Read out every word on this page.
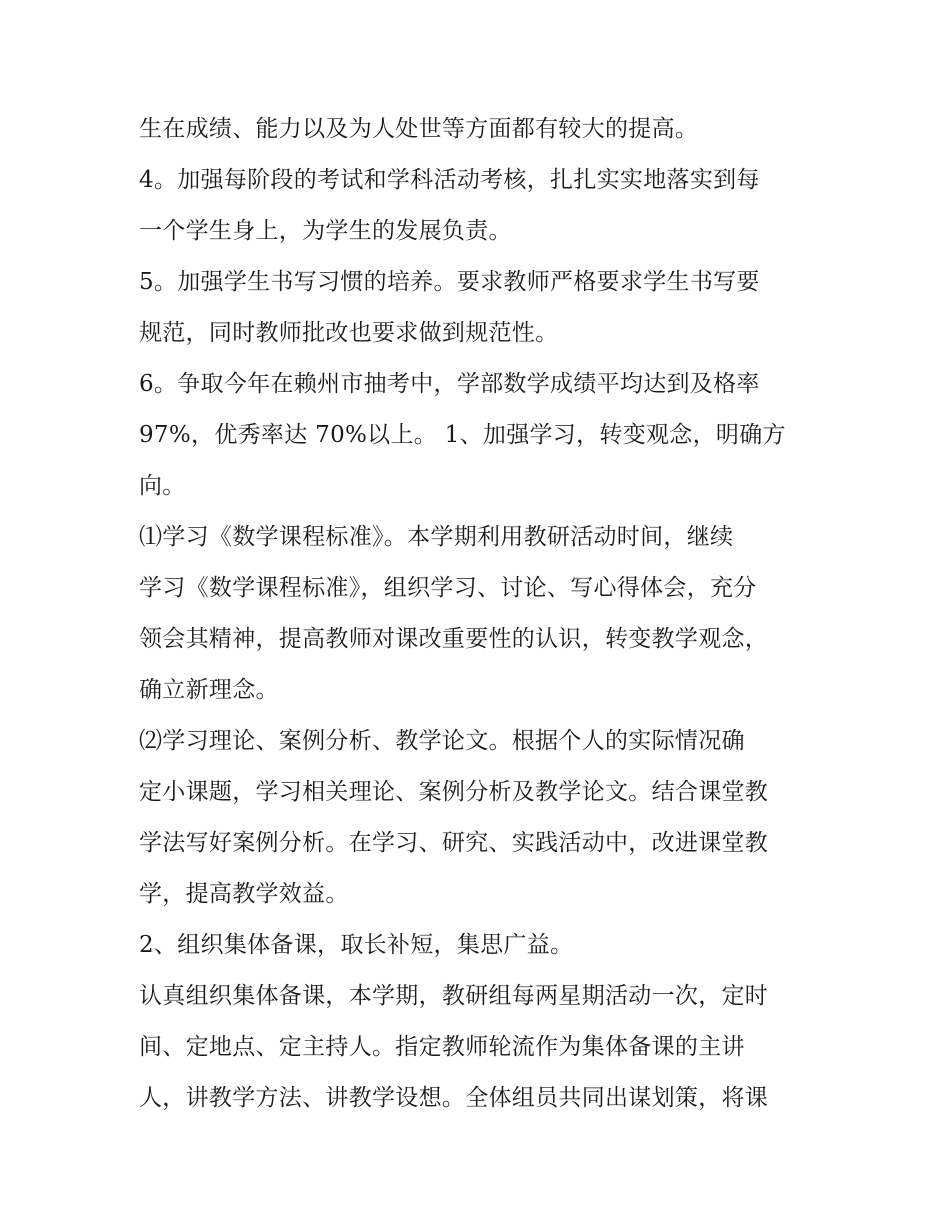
生在成绩、能力以及为人处世等方面都有较大的提高。
4。加强每阶段的考试和学科活动考核，扎扎实实地落实到每
一个学生身上，为学生的发展负责。
5。加强学生书写习惯的培养。要求教师严格要求学生书写要
规范，同时教师批改也要求做到规范性。
6。争取今年在赖州市抽考中，学部数学成绩平均达到及格率
97%，优秀率达 70%以上。 1、加强学习，转变观念，明确方
向。
⑴学习《数学课程标准》。本学期利用教研活动时间，继续
学习《数学课程标准》，组织学习、讨论、写心得体会，充分
领会其精神，提高教师对课改重要性的认识，转变教学观念，
确立新理念。
⑵学习理论、案例分析、教学论文。根据个人的实际情况确
定小课题，学习相关理论、案例分析及教学论文。结合课堂教
学法写好案例分析。在学习、研究、实践活动中，改进课堂教
学，提高教学效益。
2、组织集体备课，取长补短，集思广益。
认真组织集体备课，本学期，教研组每两星期活动一次，定时
间、定地点、定主持人。指定教师轮流作为集体备课的主讲
人，讲教学方法、讲教学设想。全体组员共同出谋划策，将课
